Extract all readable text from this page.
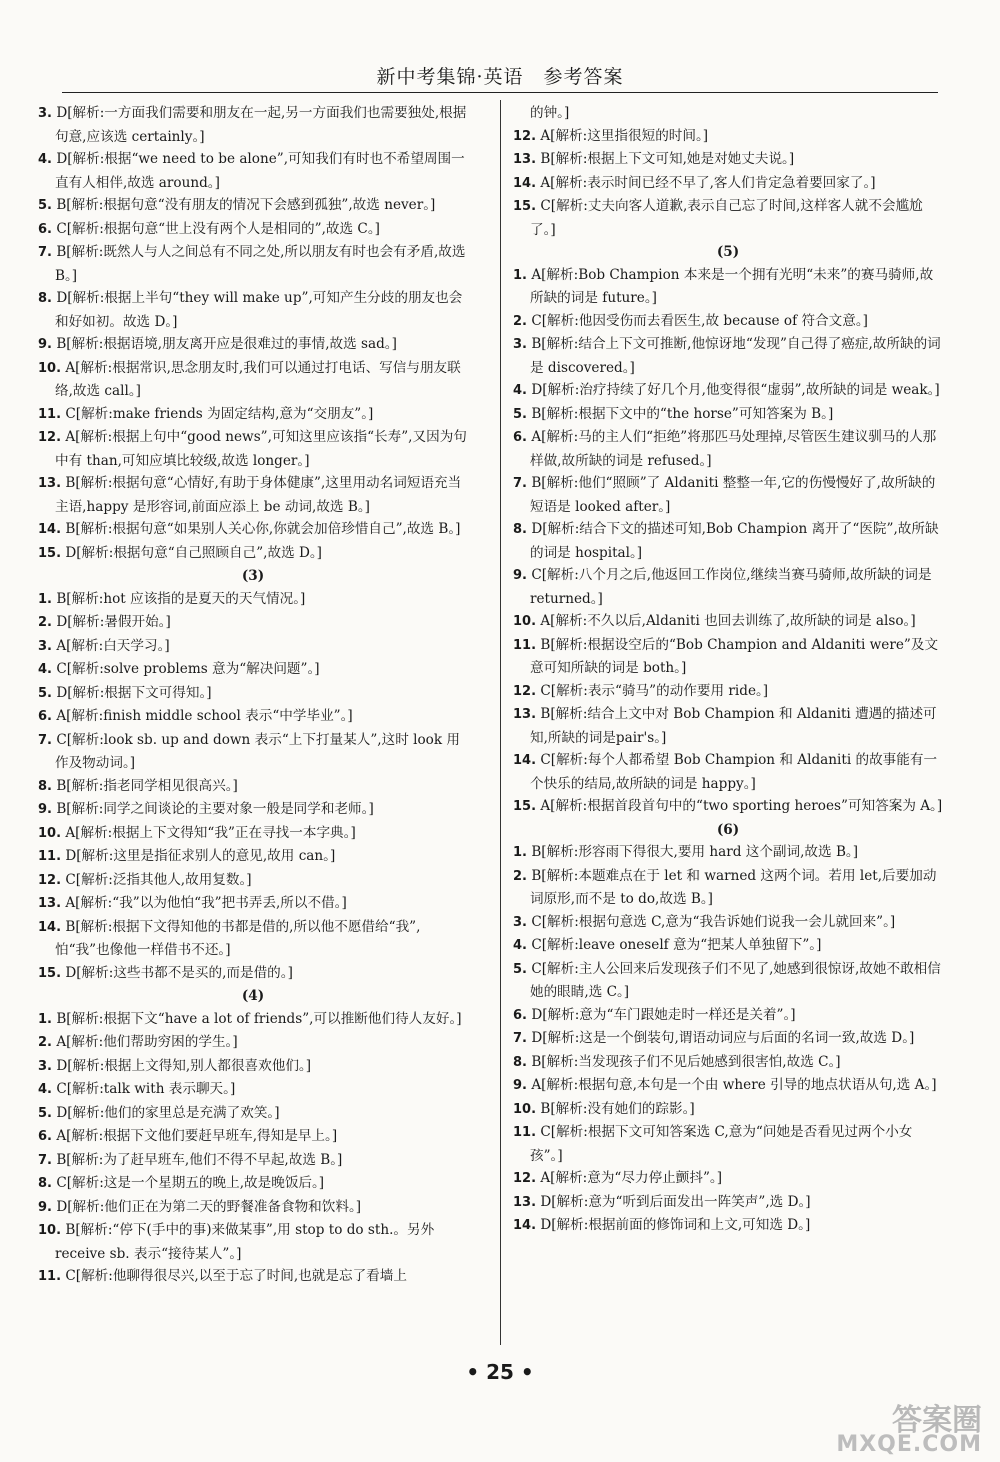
新中考集锦·英语　参考答案

3. D[解析:一方面我们需要和朋友在一起,另一方面我们也需要独处,根据句意,应该选 certainly。]

4. D[解析:根据“we need to be alone”,可知我们有时也不希望周围一直有人相伴,故选 around。]

5. B[解析:根据句意“没有朋友的情况下会感到孤独”,故选 never。]

6. C[解析:根据句意“世上没有两个人是相同的”,故选 C。]

7. B[解析:既然人与人之间总有不同之处,所以朋友有时也会有矛盾,故选 B。]

8. D[解析:根据上半句“they will make up”,可知产生分歧的朋友也会和好如初。故选 D。]

9. B[解析:根据语境,朋友离开应是很难过的事情,故选 sad。]

10. A[解析:根据常识,思念朋友时,我们可以通过打电话、写信与朋友联络,故选 call。]

11. C[解析:make friends 为固定结构,意为“交朋友”。]

12. A[解析:根据上句中“good news”,可知这里应该指“长寿”,又因为句中有 than,可知应填比较级,故选 longer。]

13. B[解析:根据句意“心情好,有助于身体健康”,这里用动名词短语充当主语,happy 是形容词,前面应添上 be 动词,故选 B。]

14. B[解析:根据句意“如果别人关心你,你就会加倍珍惜自己”,故选 B。]

15. D[解析:根据句意“自己照顾自己”,故选 D。]

(3)

1. B[解析:hot 应该指的是夏天的天气情况。]

2. D[解析:暑假开始。]

3. A[解析:白天学习。]

4. C[解析:solve problems 意为“解决问题”。]

5. D[解析:根据下文可得知。]

6. A[解析:finish middle school 表示“中学毕业”。]

7. C[解析:look sb. up and down 表示“上下打量某人”,这时 look 用作及物动词。]

8. B[解析:指老同学相见很高兴。]

9. B[解析:同学之间谈论的主要对象一般是同学和老师。]

10. A[解析:根据上下文得知“我”正在寻找一本字典。]

11. D[解析:这里是指征求别人的意见,故用 can。]

12. C[解析:泛指其他人,故用复数。]

13. A[解析:“我”以为他怕“我”把书弄丢,所以不借。]

14. B[解析:根据下文得知他的书都是借的,所以他不愿借给“我”,怕“我”也像他一样借书不还。]

15. D[解析:这些书都不是买的,而是借的。]

(4)

1. B[解析:根据下文“have a lot of friends”,可以推断他们待人友好。]

2. A[解析:他们帮助穷困的学生。]

3. D[解析:根据上文得知,别人都很喜欢他们。]

4. C[解析:talk with 表示聊天。]

5. D[解析:他们的家里总是充满了欢笑。]

6. A[解析:根据下文他们要赶早班车,得知是早上。]

7. B[解析:为了赶早班车,他们不得不早起,故选 B。]

8. C[解析:这是一个星期五的晚上,故是晚饭后。]

9. D[解析:他们正在为第二天的野餐准备食物和饮料。]

10. B[解析:“停下(手中的事)来做某事”,用 stop to do sth.。另外 receive sb. 表示“接待某人”。]

11. C[解析:他聊得很尽兴,以至于忘了时间,也就是忘了看墙上

的钟。]

12. A[解析:这里指很短的时间。]

13. B[解析:根据上下文可知,她是对她丈夫说。]

14. A[解析:表示时间已经不早了,客人们肯定急着要回家了。]

15. C[解析:丈夫向客人道歉,表示自己忘了时间,这样客人就不会尴尬了。]

(5)

1. A[解析:Bob Champion 本来是一个拥有光明“未来”的赛马骑师,故所缺的词是 future。]

2. C[解析:他因受伤而去看医生,故 because of 符合文意。]

3. B[解析:结合上下文可推断,他惊讶地“发现”自己得了癌症,故所缺的词是 discovered。]

4. D[解析:治疗持续了好几个月,他变得很“虚弱”,故所缺的词是 weak。]

5. B[解析:根据下文中的“the horse”可知答案为 B。]

6. A[解析:马的主人们“拒绝”将那匹马处理掉,尽管医生建议驯马的人那样做,故所缺的词是 refused。]

7. B[解析:他们“照顾”了 Aldaniti 整整一年,它的伤慢慢好了,故所缺的短语是 looked after。]

8. D[解析:结合下文的描述可知,Bob Champion 离开了“医院”,故所缺的词是 hospital。]

9. C[解析:八个月之后,他返回工作岗位,继续当赛马骑师,故所缺的词是 returned。]

10. A[解析:不久以后,Aldaniti 也回去训练了,故所缺的词是 also。]

11. B[解析:根据设空后的“Bob Champion and Aldaniti were”及文意可知所缺的词是 both。]

12. C[解析:表示“骑马”的动作要用 ride。]

13. B[解析:结合上文中对 Bob Champion 和 Aldaniti 遭遇的描述可知,所缺的词是pair's。]

14. C[解析:每个人都希望 Bob Champion 和 Aldaniti 的故事能有一个快乐的结局,故所缺的词是 happy。]

15. A[解析:根据首段首句中的“two sporting heroes”可知答案为 A。]

(6)

1. B[解析:形容雨下得很大,要用 hard 这个副词,故选 B。]

2. B[解析:本题难点在于 let 和 warned 这两个词。若用 let,后要加动词原形,而不是 to do,故选 B。]

3. C[解析:根据句意选 C,意为“我告诉她们说我一会儿就回来”。]

4. C[解析:leave oneself 意为“把某人单独留下”。]

5. C[解析:主人公回来后发现孩子们不见了,她感到很惊讶,故她不敢相信她的眼睛,选 C。]

6. D[解析:意为“车门跟她走时一样还是关着”。]

7. D[解析:这是一个倒装句,谓语动词应与后面的名词一致,故选 D。]

8. B[解析:当发现孩子们不见后她感到很害怕,故选 C。]

9. A[解析:根据句意,本句是一个由 where 引导的地点状语从句,选 A。]

10. B[解析:没有她们的踪影。]

11. C[解析:根据下文可知答案选 C,意为“问她是否看见过两个小女孩”。]

12. A[解析:意为“尽力停止颤抖”。]

13. D[解析:意为“听到后面发出一阵笑声”,选 D。]

14. D[解析:根据前面的修饰词和上文,可知选 D。]

• 25 •
答案圈
MXQE.COM
